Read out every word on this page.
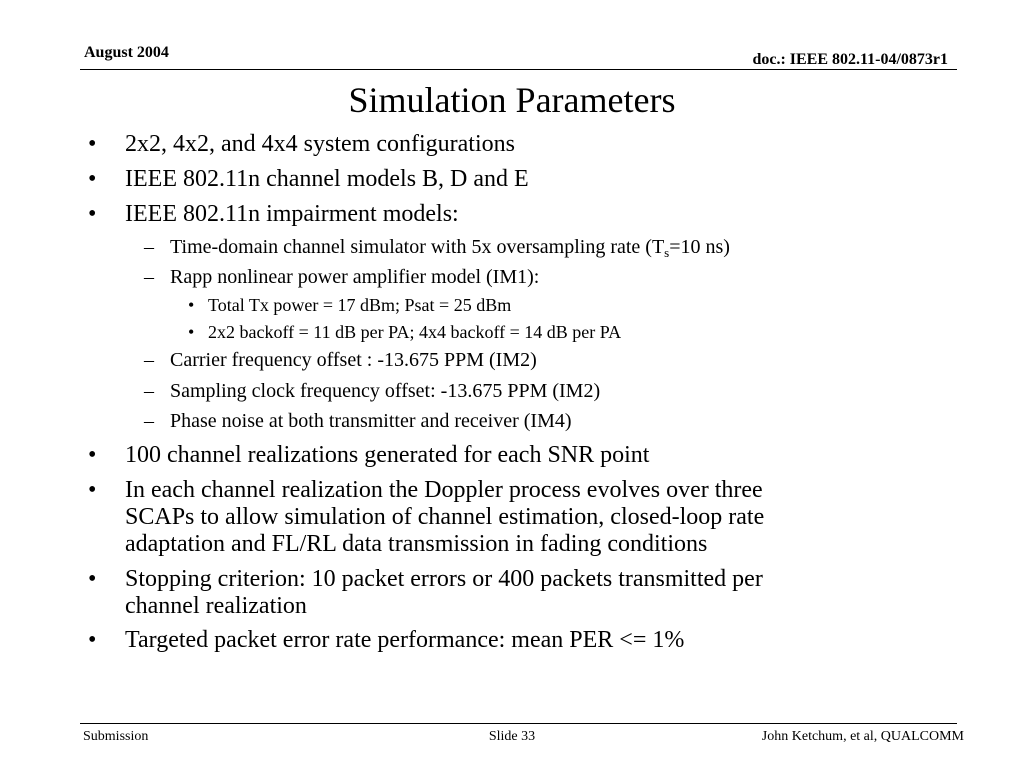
August 2004	doc.: IEEE 802.11-04/0873r1
Simulation Parameters
• 2x2, 4x2, and 4x4 system configurations
• IEEE 802.11n channel models B, D and E
• IEEE 802.11n impairment models:
– Time-domain channel simulator with 5x oversampling rate ($T_s=10$ ns)
– Rapp nonlinear power amplifier model (IM1):
• Total Tx power = 17 dBm; Psat = 25 dBm
• 2x2 backoff = 11 dB per PA; 4x4 backoff = 14 dB per PA
– Carrier frequency offset : -13.675 PPM (IM2)
– Sampling clock frequency offset: -13.675 PPM (IM2)
– Phase noise at both transmitter and receiver (IM4)
• 100 channel realizations generated for each SNR point
• In each channel realization the Doppler process evolves over three
SCAPs to allow simulation of channel estimation, closed-loop rate
adaptation and FL/RL data transmission in fading conditions
• Stopping criterion: 10 packet errors or 400 packets transmitted per
channel realization
• Targeted packet error rate performance: mean PER <= 1%
Submission	Slide 33	John Ketchum, et al, QUALCOMM
